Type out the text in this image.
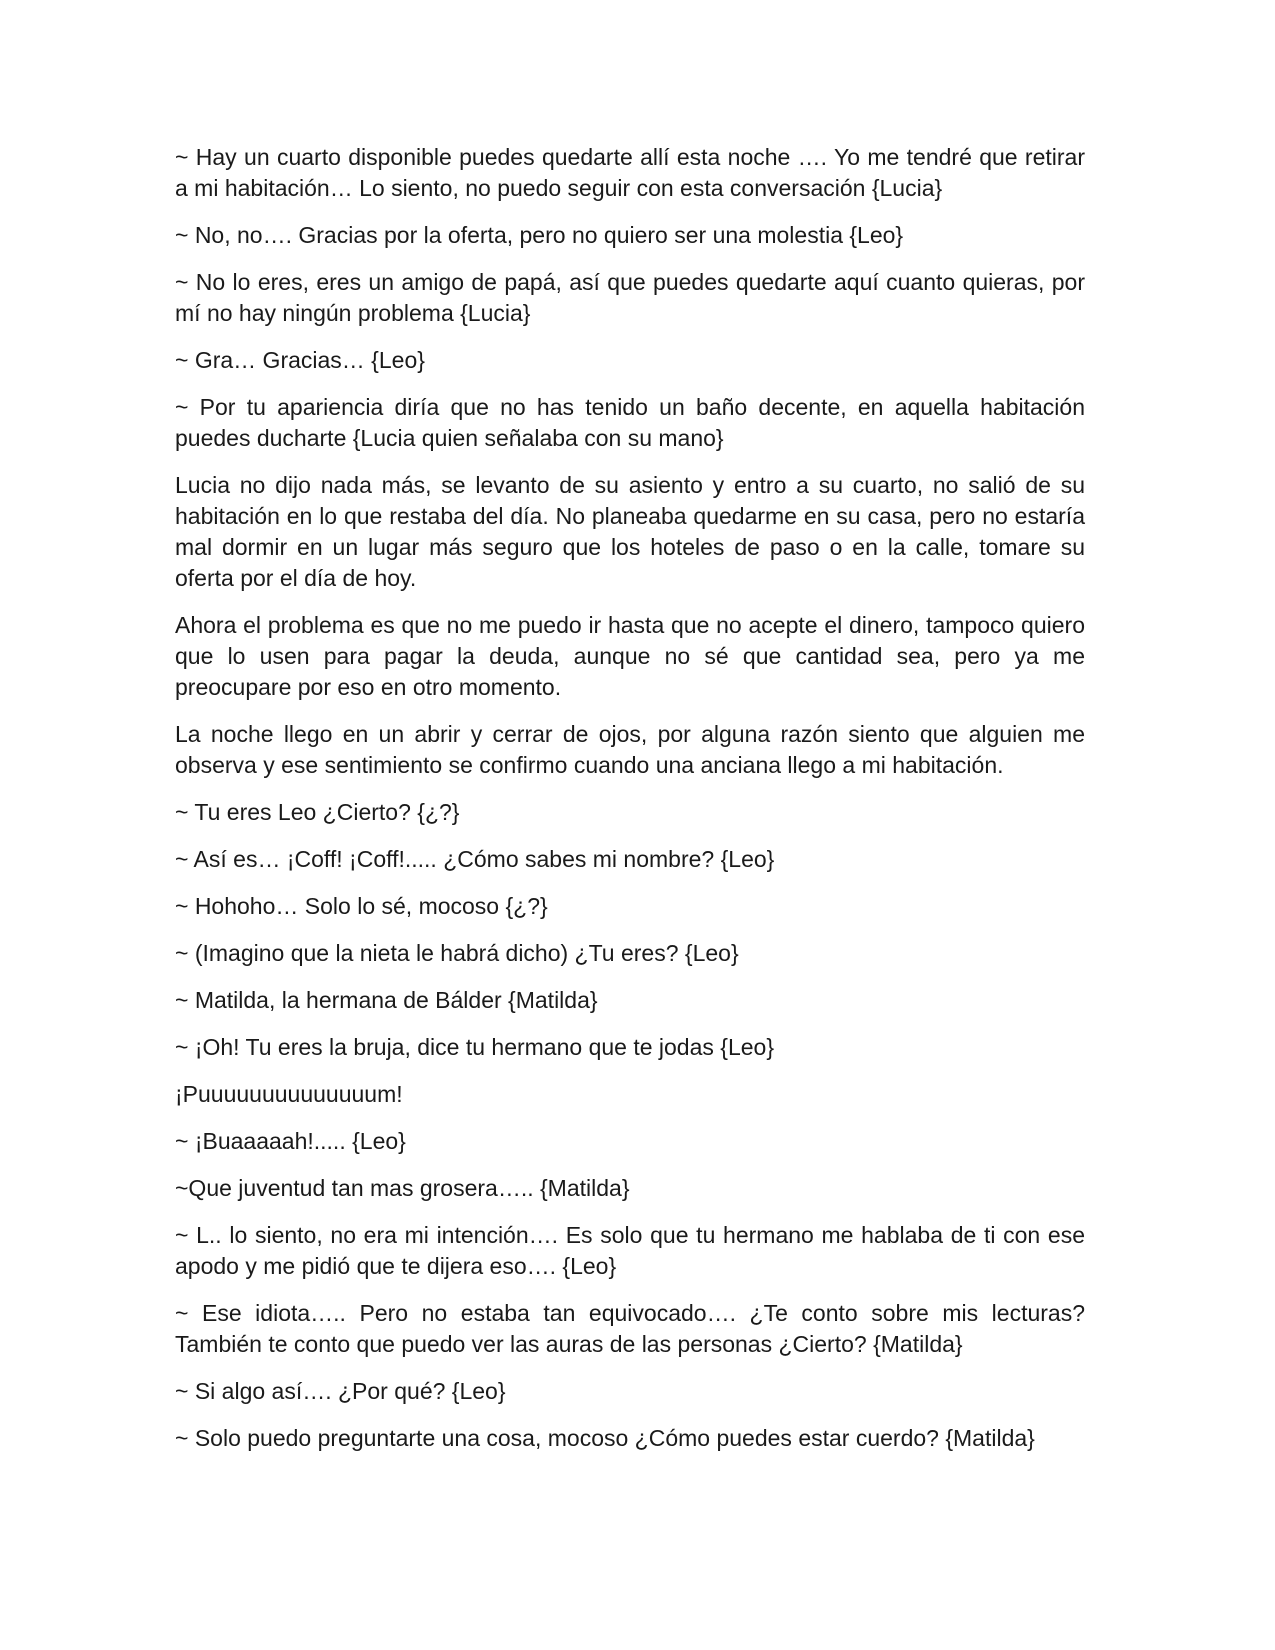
~ Hay un cuarto disponible puedes quedarte allí esta noche …. Yo me tendré que retirar a mi habitación… Lo siento, no puedo seguir con esta conversación {Lucia}

~ No, no…. Gracias por la oferta, pero no quiero ser una molestia {Leo}

~ No lo eres, eres un amigo de papá, así que puedes quedarte aquí cuanto quieras, por mí no hay ningún problema {Lucia}

~ Gra… Gracias… {Leo}

~ Por tu apariencia diría que no has tenido un baño decente, en aquella habitación puedes ducharte {Lucia quien señalaba con su mano}

Lucia no dijo nada más, se levanto de su asiento y entro a su cuarto, no salió de su habitación en lo que restaba del día. No planeaba quedarme en su casa, pero no estaría mal dormir en un lugar más seguro que los hoteles de paso o en la calle, tomare su oferta por el día de hoy.

Ahora el problema es que no me puedo ir hasta que no acepte el dinero, tampoco quiero que lo usen para pagar la deuda, aunque no sé que cantidad sea, pero ya me preocupare por eso en otro momento.

La noche llego en un abrir y cerrar de ojos, por alguna razón siento que alguien me observa y ese sentimiento se confirmo cuando una anciana llego a mi habitación.

~ Tu eres Leo ¿Cierto? {¿?}

~ Así es… ¡Coff! ¡Coff!..... ¿Cómo sabes mi nombre? {Leo}

~ Hohoho… Solo lo sé, mocoso {¿?}

~ (Imagino que la nieta le habrá dicho) ¿Tu eres? {Leo}

~ Matilda, la hermana de Bálder {Matilda}

~ ¡Oh! Tu eres la bruja, dice tu hermano que te jodas {Leo}

¡Puuuuuuuuuuuuuum!

~ ¡Buaaaaah!..... {Leo}

~Que juventud tan mas grosera….. {Matilda}

~ L.. lo siento, no era mi intención…. Es solo que tu hermano me hablaba de ti con ese apodo y me pidió que te dijera eso…. {Leo}

~ Ese idiota….. Pero no estaba tan equivocado…. ¿Te conto sobre mis lecturas? También te conto que puedo ver las auras de las personas ¿Cierto? {Matilda}

~ Si algo así…. ¿Por qué? {Leo}

~ Solo puedo preguntarte una cosa, mocoso ¿Cómo puedes estar cuerdo? {Matilda}
